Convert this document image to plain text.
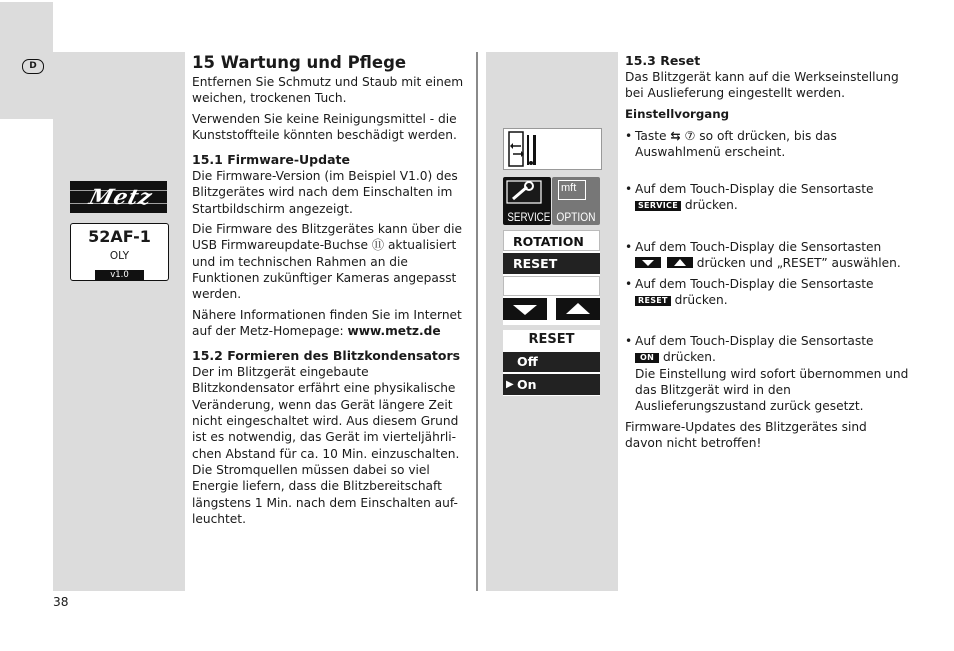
D
38
Metz
52AF-1
OLY
v1.0
15 Wartung und Pflege

Entfernen Sie Schmutz und Staub mit einem weichen, trockenen Tuch.

Verwenden Sie keine Reinigungsmittel - die Kunststoffteile könnten beschädigt werden.

15.1 Firmware-Update

Die Firmware-Version (im Beispiel V1.0) des Blitzgerätes wird nach dem Einschalten im Startbildschirm angezeigt.

Die Firmware des Blitzgerätes kann über die USB Firmwareupdate-Buchse ⑪ aktualisiert und im technischen Rahmen an die Funktionen zukünftiger Kameras angepasst werden.

Nähere Informationen finden Sie im Internet auf der Metz-Homepage: www.metz.de

15.2 Formieren des Blitzkondensators

Der im Blitzgerät eingebaute Blitzkondensator erfährt eine physikalische Veränderung, wenn das Gerät längere Zeit nicht eingeschaltet wird. Aus diesem Grund ist es notwendig, das Gerät im vierteljährli-chen Abstand für ca. 10 Min. einzuschalten. Die Stromquellen müssen dabei so viel Energie liefern, dass die Blitzbereitschaft längstens 1 Min. nach dem Einschalten auf-leuchtet.

SERVICE
mft
OPTION
ROTATION
RESET
RESET
Off
▶ On
15.3 Reset

Das Blitzgerät kann auf die Werkseinstellung bei Auslieferung eingestellt werden.

Einstellvorgang
• Taste ⇆ ⑦ so oft drücken, bis das Auswahlmenü erscheint.
• Auf dem Touch-Display die Sensortaste
SERVICE drücken.
• Auf dem Touch-Display die Sensortasten

drücken und „RESET” auswählen.
• Auf dem Touch-Display die Sensortaste
RESET drücken.
• Auf dem Touch-Display die Sensortaste
ON drücken.
Die Einstellung wird sofort übernommen und das Blitzgerät wird in den Auslieferungszustand zurück gesetzt.

Firmware-Updates des Blitzgerätes sind davon nicht betroffen!
